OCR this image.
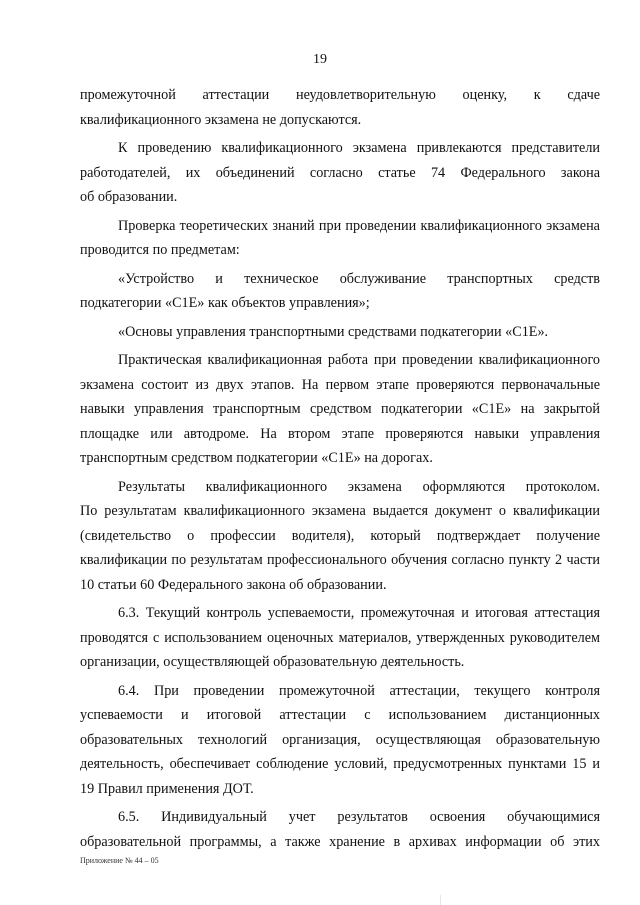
19
промежуточной аттестации неудовлетворительную оценку, к сдаче
квалификационного экзамена не допускаются.
К проведению квалификационного экзамена привлекаются представители
работодателей, их объединений согласно статье 74 Федерального закона
об образовании.
Проверка теоретических знаний при проведении квалификационного экзамена
проводится по предметам:
«Устройство и техническое обслуживание транспортных средств
подкатегории «С1Е» как объектов управления»;
«Основы управления транспортными средствами подкатегории «С1Е».
Практическая квалификационная работа при проведении квалификационного
экзамена состоит из двух этапов. На первом этапе проверяются первоначальные
навыки управления транспортным средством подкатегории «С1Е» на закрытой
площадке или автодроме. На втором этапе проверяются навыки управления
транспортным средством подкатегории «С1Е» на дорогах.
Результаты квалификационного экзамена оформляются протоколом.
По результатам квалификационного экзамена выдается документ о квалификации
(свидетельство о профессии водителя), который подтверждает получение
квалификации по результатам профессионального обучения согласно пункту 2 части
10 статьи 60 Федерального закона об образовании.
6.3. Текущий контроль успеваемости, промежуточная и итоговая аттестация
проводятся с использованием оценочных материалов, утвержденных руководителем
организации, осуществляющей образовательную деятельность.
6.4. При проведении промежуточной аттестации, текущего контроля
успеваемости и итоговой аттестации с использованием дистанционных
образовательных технологий организация, осуществляющая образовательную
деятельность, обеспечивает соблюдение условий, предусмотренных пунктами 15 и
19 Правил применения ДОТ.
6.5. Индивидуальный учет результатов освоения обучающимися
образовательной программы, а также хранение в архивах информации об этих
Приложение № 44 – 05
